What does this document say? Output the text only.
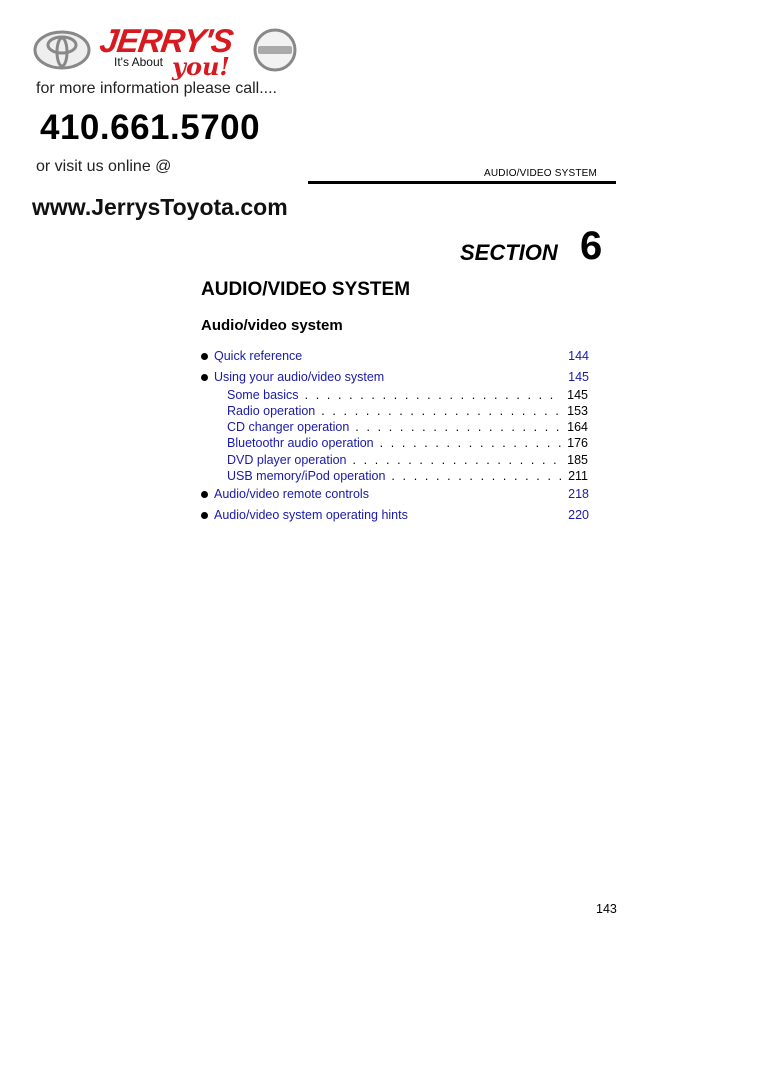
JERRY'S
It's About you!
for more information please call....
410.661.5700
or visit us online @
www.JerrysToyota.com
AUDIO/VIDEO SYSTEM
SECTION 6
AUDIO/VIDEO SYSTEM
Audio/video system
Quick reference	144
Using your audio/video system	145
Some basics . . .	145
Radio operation . . .	153
CD changer operation . . .	164
Bluetoothr audio operation . . .	176
DVD player operation . . .	185
USB memory/iPod operation . . .	211
Audio/video remote controls	218
Audio/video system operating hints	220
143
